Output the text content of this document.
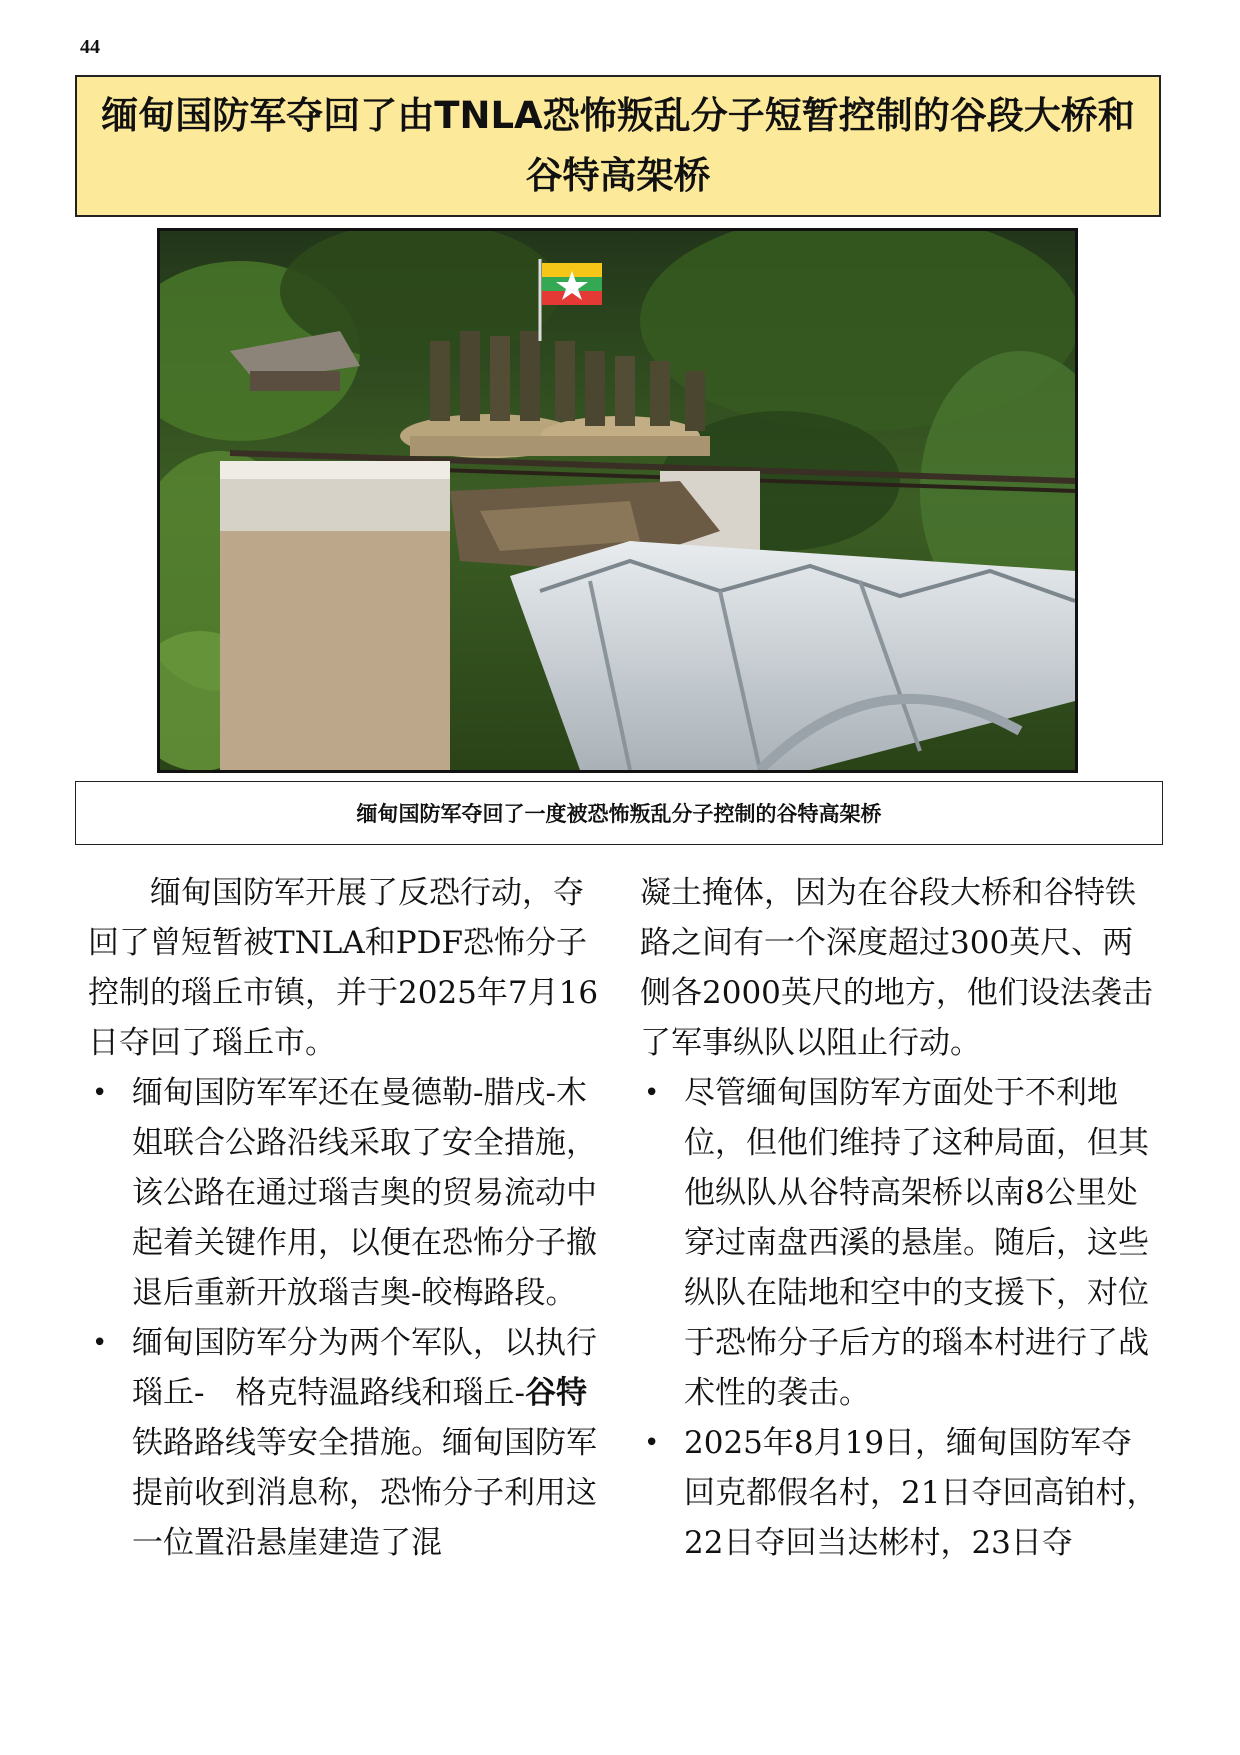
44
缅甸国防军夺回了由TNLA恐怖叛乱分子短暂控制的谷段大桥和谷特高架桥
缅甸国防军夺回了一度被恐怖叛乱分子控制的谷特高架桥

缅甸国防军开展了反恐行动，夺回了曾短暂被TNLA和PDF恐怖分子控制的瑙丘市镇，并于2025年7月16日夺回了瑙丘市。

• 缅甸国防军军还在曼德勒-腊戌-木姐联合公路沿线采取了安全措施，该公路在通过瑙吉奥的贸易流动中起着关键作用，以便在恐怖分子撤退后重新开放瑙吉奥-皎梅路段。
• 缅甸国防军分为两个军队，以执行瑙丘-　格克特温路线和瑙丘-谷特铁路路线等安全措施。缅甸国防军提前收到消息称，恐怖分子利用这一位置沿悬崖建造了混

凝土掩体，因为在谷段大桥和谷特铁路之间有一个深度超过300英尺、两侧各2000英尺的地方，他们设法袭击了军事纵队以阻止行动。

• 尽管缅甸国防军方面处于不利地位，但他们维持了这种局面，但其他纵队从谷特高架桥以南8公里处穿过南盘西溪的悬崖。随后，这些纵队在陆地和空中的支援下，对位于恐怖分子后方的瑙本村进行了战术性的袭击。
• 2025年8月19日，缅甸国防军夺回克都假名村，21日夺回高铂村，22日夺回当达彬村，23日夺
